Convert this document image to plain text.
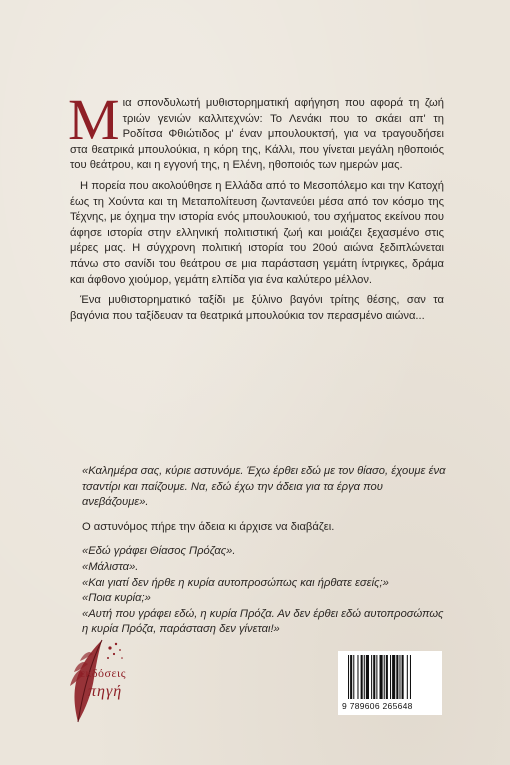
Μια σπονδυλωτή μυθιστορηματική αφήγηση που αφορά τη ζωή τριών γενιών καλλιτεχνών: Το Λενάκι που το σκάει απ' τη Ροδίτσα Φθιώτιδος μ' έναν μπουλουκτσή, για να τραγουδήσει στα θεατρικά μπουλούκια, η κόρη της, Κάλλι, που γίνεται μεγάλη ηθοποιός του θεάτρου, και η εγγονή της, η Ελένη, ηθοποιός των ημερών μας.

Η πορεία που ακολούθησε η Ελλάδα από το Μεσοπόλεμο και την Κατοχή έως τη Χούντα και τη Μεταπολίτευση ζωντανεύει μέσα από τον κόσμο της Τέχνης, με όχημα την ιστορία ενός μπουλουκιού, του σχήματος εκείνου που άφησε ιστορία στην ελληνική πολιτιστική ζωή και μοιάζει ξεχασμένο στις μέρες μας. Η σύγχρονη πολιτική ιστορία του 20ού αιώνα ξεδιπλώνεται πάνω στο σανίδι του θεάτρου σε μια παράσταση γεμάτη ίντριγκες, δράμα και άφθονο χιούμορ, γεμάτη ελπίδα για ένα καλύτερο μέλλον.

Ένα μυθιστορηματικό ταξίδι με ξύλινο βαγόνι τρίτης θέσης, σαν τα βαγόνια που ταξίδευαν τα θεατρικά μπουλούκια τον περασμένο αιώνα...

«Καλημέρα σας, κύριε αστυνόμε. Έχω έρθει εδώ με τον θίασο, έχουμε ένα τσαντίρι και παίζουμε. Να, εδώ έχω την άδεια για τα έργα που ανεβάζουμε».

Ο αστυνόμος πήρε την άδεια κι άρχισε να διαβάζει.

«Εδώ γράφει Θίασος Πρόζας».

«Μάλιστα».

«Και γιατί δεν ήρθε η κυρία αυτοπροσώπως και ήρθατε εσείς;»

«Ποια κυρία;»

«Αυτή που γράφει εδώ, η κυρία Πρόζα. Αν δεν έρθει εδώ αυτοπροσώπως η κυρία Πρόζα, παράσταση δεν γίνεται!»

εκδόσεις
πηγή
9 789606 265648
